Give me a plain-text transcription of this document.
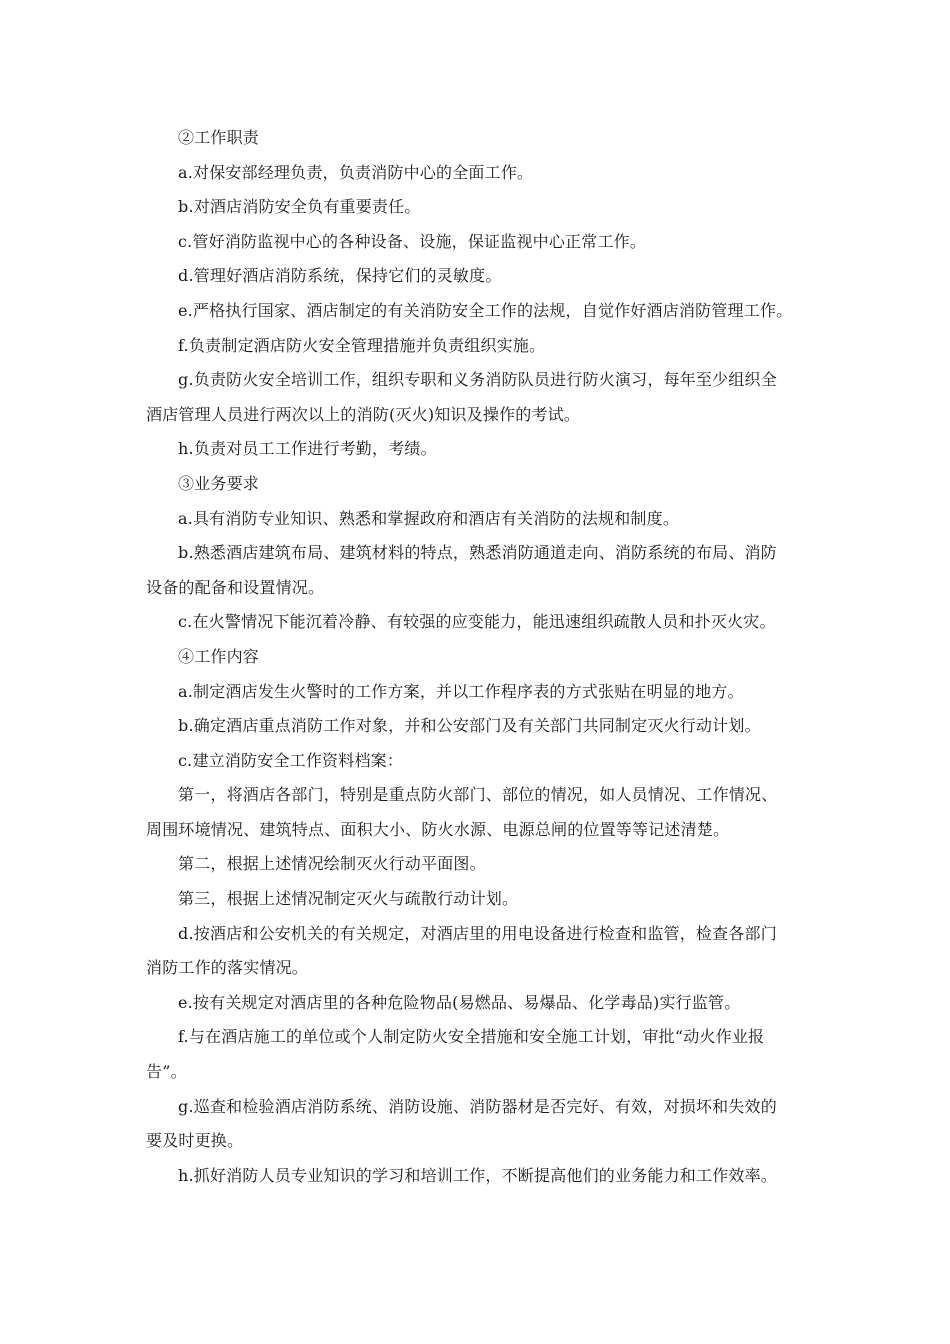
②工作职责
a.对保安部经理负责，负责消防中心的全面工作。
b.对酒店消防安全负有重要责任。
c.管好消防监视中心的各种设备、设施，保证监视中心正常工作。
d.管理好酒店消防系统，保持它们的灵敏度。
e.严格执行国家、酒店制定的有关消防安全工作的法规，自觉作好酒店消防管理工作。
f.负责制定酒店防火安全管理措施并负责组织实施。
g.负责防火安全培训工作，组织专职和义务消防队员进行防火演习，每年至少组织全
酒店管理人员进行两次以上的消防(灭火)知识及操作的考试。
h.负责对员工工作进行考勤，考绩。
③业务要求
a.具有消防专业知识、熟悉和掌握政府和酒店有关消防的法规和制度。
b.熟悉酒店建筑布局、建筑材料的特点，熟悉消防通道走向、消防系统的布局、消防
设备的配备和设置情况。
c.在火警情况下能沉着冷静、有较强的应变能力，能迅速组织疏散人员和扑灭火灾。
④工作内容
a.制定酒店发生火警时的工作方案，并以工作程序表的方式张贴在明显的地方。
b.确定酒店重点消防工作对象，并和公安部门及有关部门共同制定灭火行动计划。
c.建立消防安全工作资料档案：
第一，将酒店各部门，特别是重点防火部门、部位的情况，如人员情况、工作情况、
周围环境情况、建筑特点、面积大小、防火水源、电源总闸的位置等等记述清楚。
第二，根据上述情况绘制灭火行动平面图。
第三，根据上述情况制定灭火与疏散行动计划。
d.按酒店和公安机关的有关规定，对酒店里的用电设备进行检查和监管，检查各部门
消防工作的落实情况。
e.按有关规定对酒店里的各种危险物品(易燃品、易爆品、化学毒品)实行监管。
f.与在酒店施工的单位或个人制定防火安全措施和安全施工计划，审批“动火作业报
告”。
g.巡查和检验酒店消防系统、消防设施、消防器材是否完好、有效，对损坏和失效的
要及时更换。
h.抓好消防人员专业知识的学习和培训工作，不断提高他们的业务能力和工作效率。
